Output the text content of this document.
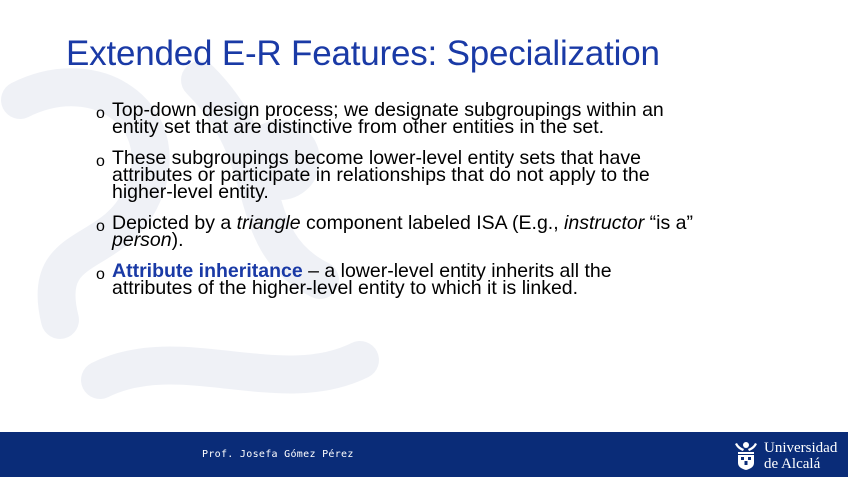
Extended E-R Features: Specialization
o Top-down design process; we designate subgroupings within an entity set that are distinctive from other entities in the set.
o These subgroupings become lower-level entity sets that have attributes or participate in relationships that do not apply to the higher-level entity.
o Depicted by a triangle component labeled ISA (E.g., instructor “is a” person).
o Attribute inheritance – a lower-level entity inherits all the attributes of the higher-level entity to which it is linked.
Prof. Josefa Gómez Pérez	Universidad
de Alcalá
